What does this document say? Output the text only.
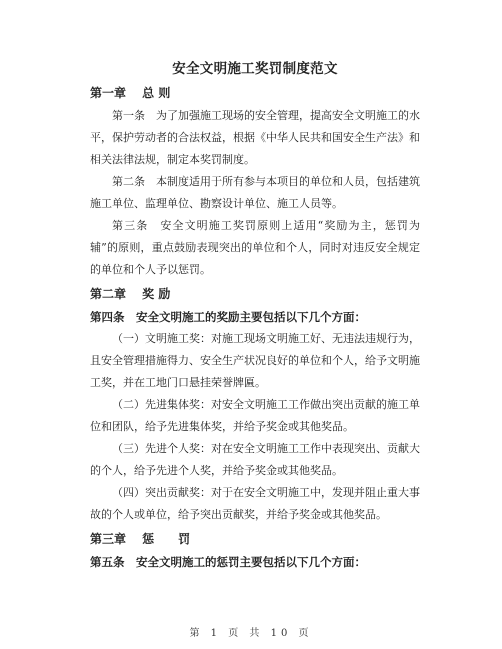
安全文明施工奖罚制度范文
第一章　 总 则

第一条　为了加强施工现场的安全管理，提高安全文明施工的水平，保护劳动者的合法权益，根据《中华人民共和国安全生产法》和相关法律法规，制定本奖罚制度。

第二条　本制度适用于所有参与本项目的单位和人员，包括建筑施工单位、监理单位、勘察设计单位、施工人员等。

第三条　安全文明施工奖罚原则上适用“奖励为主，惩罚为辅”的原则，重点鼓励表现突出的单位和个人，同时对违反安全规定的单位和个人予以惩罚。

第二章　 奖 励

第四条　安全文明施工的奖励主要包括以下几个方面：

（一）文明施工奖：对施工现场文明施工好、无违法违规行为，且安全管理措施得力、安全生产状况良好的单位和个人，给予文明施工奖，并在工地门口悬挂荣誉牌匾。

（二）先进集体奖：对安全文明施工工作做出突出贡献的施工单位和团队，给予先进集体奖，并给予奖金或其他奖品。

（三）先进个人奖：对在安全文明施工工作中表现突出、贡献大的个人，给予先进个人奖，并给予奖金或其他奖品。

（四）突出贡献奖：对于在安全文明施工中，发现并阻止重大事故的个人或单位，给予突出贡献奖，并给予奖金或其他奖品。

第三章　 惩　　罚

第五条　安全文明施工的惩罚主要包括以下几个方面：

第 1 页 共 10 页
